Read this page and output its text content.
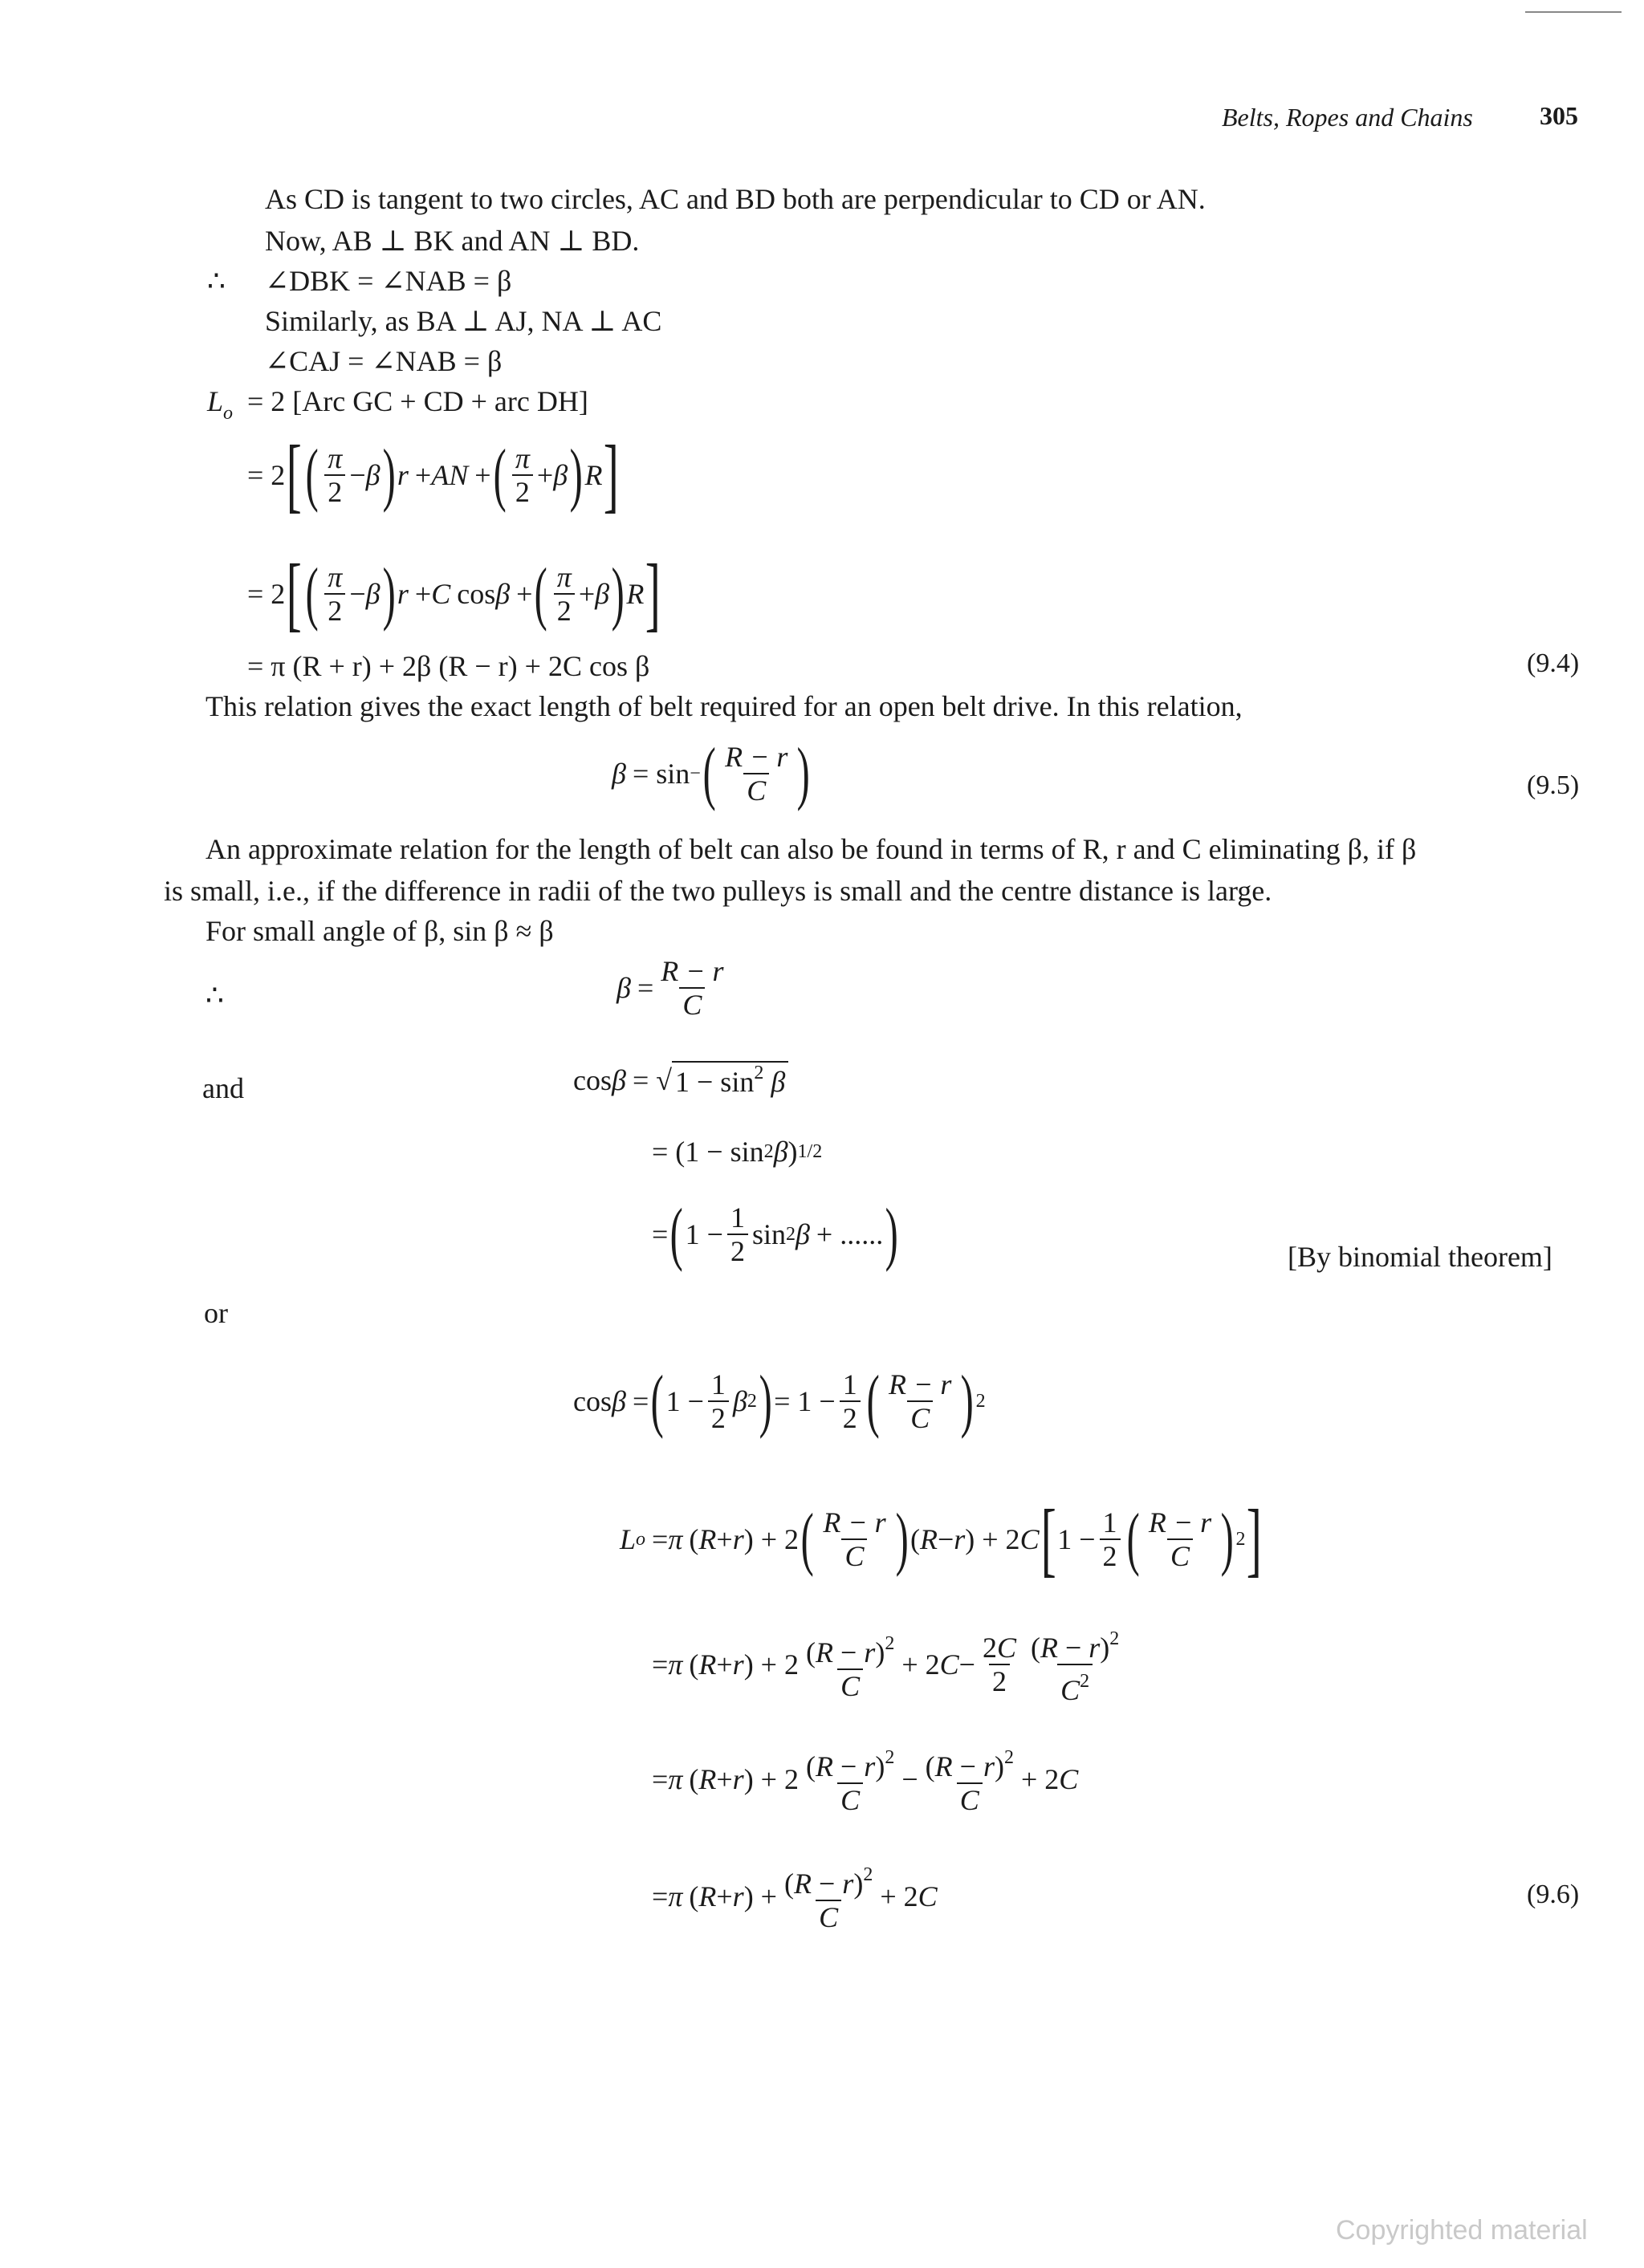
Belts, Ropes and Chains	305
As CD is tangent to two circles, AC and BD both are perpendicular to CD or AN.
Now, AB ⊥ BK and AN ⊥ BD.
∴ ∠DBK = ∠NAB = β
Similarly, as BA ⊥ AJ, NA ⊥ AC
∠CAJ = ∠NAB = β
$L_o = 2$ [Arc GC + CD + arc DH]
= 2 [ ( $\frac{\pi}{2} - \beta$ ) r + AN + ( $\frac{\pi}{2} + \beta$ ) R ]
= 2 [ ( $\frac{\pi}{2} - \beta$ ) r + C cos β + ( $\frac{\pi}{2} + \beta$ ) R ]
= π (R + r) + 2β (R − r) + 2C cos β	(9.4)
This relation gives the exact length of belt required for an open belt drive. In this relation,
β = sin − ( $\frac{R - r}{C}$ )	(9.5)
An approximate relation for the length of belt can also be found in terms of R, r and C eliminating β, if β
is small, i.e., if the difference in radii of the two pulleys is small and the centre distance is large.
For small angle of β, sin β ≈ β
∴	$\beta = \frac{R - r}{C}$
and	cos β = √ $1 - \sin^2 \beta$
= (1 − sin 2 β ) 1/2
= ( $1 - \frac{1}{2}$ sin 2 β + ...... )	[By binomial theorem]
or
cos β = ( $1 - \frac{1}{2}$ β 2 ) = $1 - \frac{1}{2}$ ( $\frac{R - r}{C}$ ) 2
L o = π ( R + r ) + 2 ( $\frac{R - r}{C}$ ) ( R − r ) + 2 C [ $1 - \frac{1}{2}$ ( $\frac{R - r}{C}$ ) 2 ]
= π ( R + r ) + $2 \frac{(R - r)^2}{C} + 2$ $C - \frac{2C}{2} \frac{(R - r)^2}{C^2}$
= π ( R + r ) + $2 \frac{(R - r)^2}{C} - \frac{(R - r)^2}{C} + 2$ C
= π ( R + r ) + $\frac{(R - r)^2}{C} + 2$ C	(9.6)
Copyrighted material
